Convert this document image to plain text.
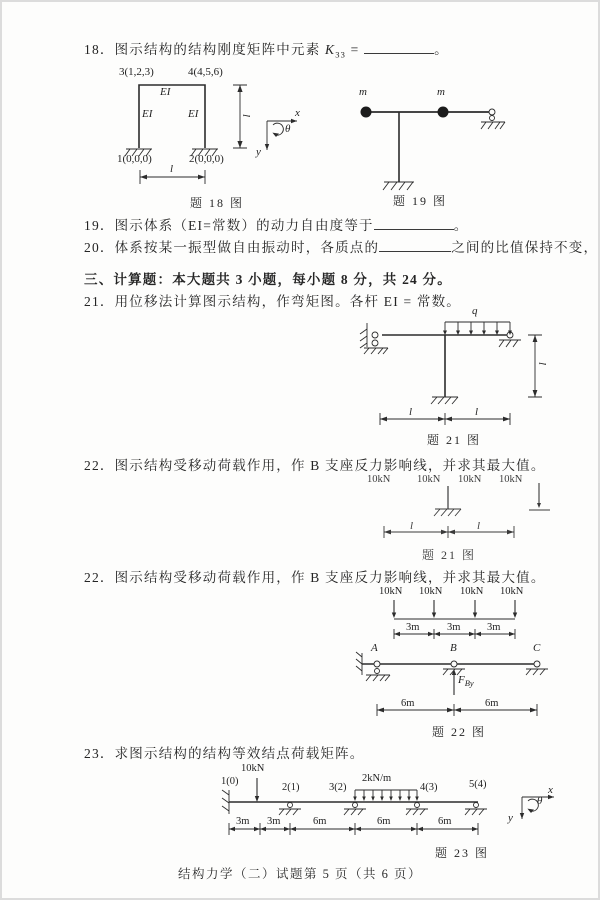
18．图示结构的结构刚度矩阵中元素 $K_{33}$ =	。
3(1,2,3)	4(4,5,6)
EI
EI	EI
1(0,0,0)	2(0,0,0)
l
l	x
y
θ
题 18 图
m	m
题 19 图
19．图示体系（EI=常数）的动力自由度等于	。
20．体系按某一振型做自由振动时，各质点的	之间的比值保持不变，
三、计算题：本大题共 3 小题，每小题 8 分，共 24 分。
21．用位移法计算图示结构，作弯矩图。各杆 EI = 常数。
q
l
l	l
题 21 图
22．图示结构受移动荷载作用，作 B 支座反力影响线，并求其最大值。
10kN	10kN 10kN 10kN
l	l
题 21 图
22．图示结构受移动荷载作用，作 B 支座反力影响线，并求其最大值。
10kN 10kN 10kN 10kN
3m	3m	3m
A	B	C
$F_{By}$
6m	6m
题 22 图
23．求图示结构的结构等效结点荷载矩阵。
10kN
1(0)
2(1)	3(2)
2kN/m
4(3)	5(4)
3m 3m	6m	6m	6m
x
y
θ
题 23 图
结构力学（二）试题第 5 页（共 6 页）
